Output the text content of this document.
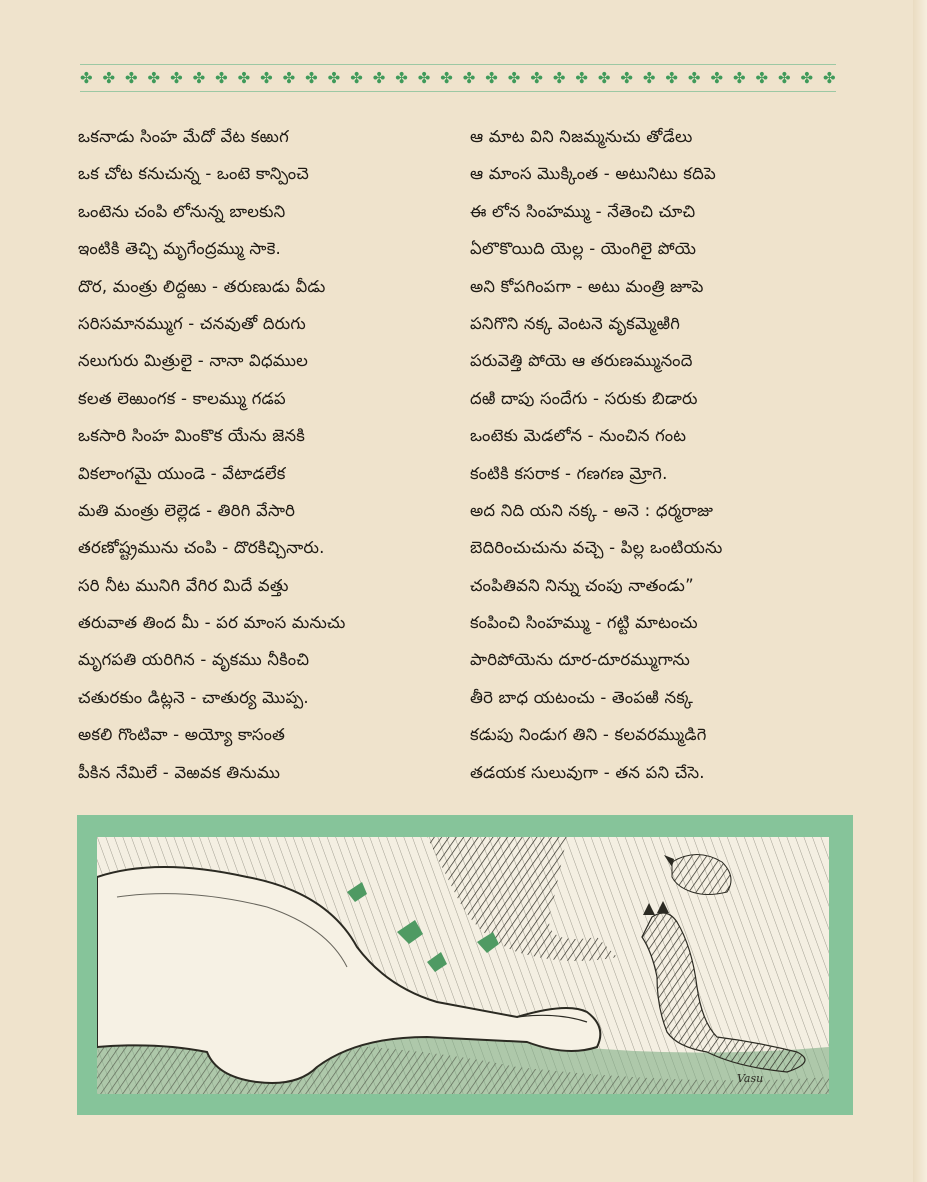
✤ ✤ ✤ ✤ ✤ ✤ ✤ ✤ ✤ ✤ ✤ ✤ ✤ ✤ ✤ ✤ ✤ ✤ ✤ ✤ ✤ ✤ ✤ ✤ ✤ ✤ ✤ ✤ ✤ ✤ ✤ ✤ ✤ ✤
ఒకనాడు సింహ మేదో వేట కఱుగ
ఒక చోట కనుచున్న - ఒంటె కాన్పించె
ఒంటెను చంపి లోనున్న బాలకుని
ఇంటికి తెచ్చి మృగేంద్రమ్ము సాకె.
దొర, మంత్రు లిద్దఱు - తరుణుడు వీడు
సరిసమానమ్ముగ - చనవుతో దిరుగు
నలుగురు మిత్రులై - నానా విధముల
కలత లెఱుంగక - కాలమ్ము గడప
ఒకసారి సింహ మింకొక యేను జెనకి
వికలాంగమై యుండె - వేటాడలేక
మతి మంత్రు లెల్లెడ - తిరిగి వేసారి
తరణోష్ట్రమును చంపి - దొరకిచ్చినారు.
సరి నీట మునిగి వేగిర మిదే వత్తు
తరువాత తింద మీ - పర మాంస మనుచు
మృగపతి యరిగిన - వృకము నీకించి
చతురకుం డిట్లనె - చాతుర్య మొప్ప.
అకలి గొంటివా - అయ్యో కాసంత
పీకిన నేమిలే - వెఱవక తినుము
ఆ మాట విని నిజమ్మనుచు తోడేలు
ఆ మాంస మొక్కింత - అటునిటు కదిపె
ఈ లోన సింహమ్ము - నేతెంచి చూచి
ఏలొకొయిది యెల్ల - యెంగిలై పోయె
అని కోపగింపగా - అటు మంత్రి జూపె
పనిగొని నక్క వెంటనె వృకమ్మెఱిగి
పరువెత్తి పోయె ఆ తరుణమ్మునందె
దఱి దాపు సందేగు - సరుకు బిడారు
ఒంటెకు మెడలోన - నుంచిన గంట
కంటికి కసరాక - గణగణ మ్రోగె.
అద నిది యని నక్క - అనె : ధర్మరాజు
బెదిరించుచును వచ్చె - పిల్ల ఒంటియను
చంపితివని నిన్ను చంపు నాతండు”
కంపించి సింహమ్ము - గట్టి మాటంచు
పారిపోయెను దూర-దూరమ్ముగాను
తీరె బాధ యటంచు - తెంపఱి నక్క
కడుపు నిండుగ తిని - కలవరమ్ముడిగె
తడయక సులువుగా - తన పని చేసె.
Vasu
